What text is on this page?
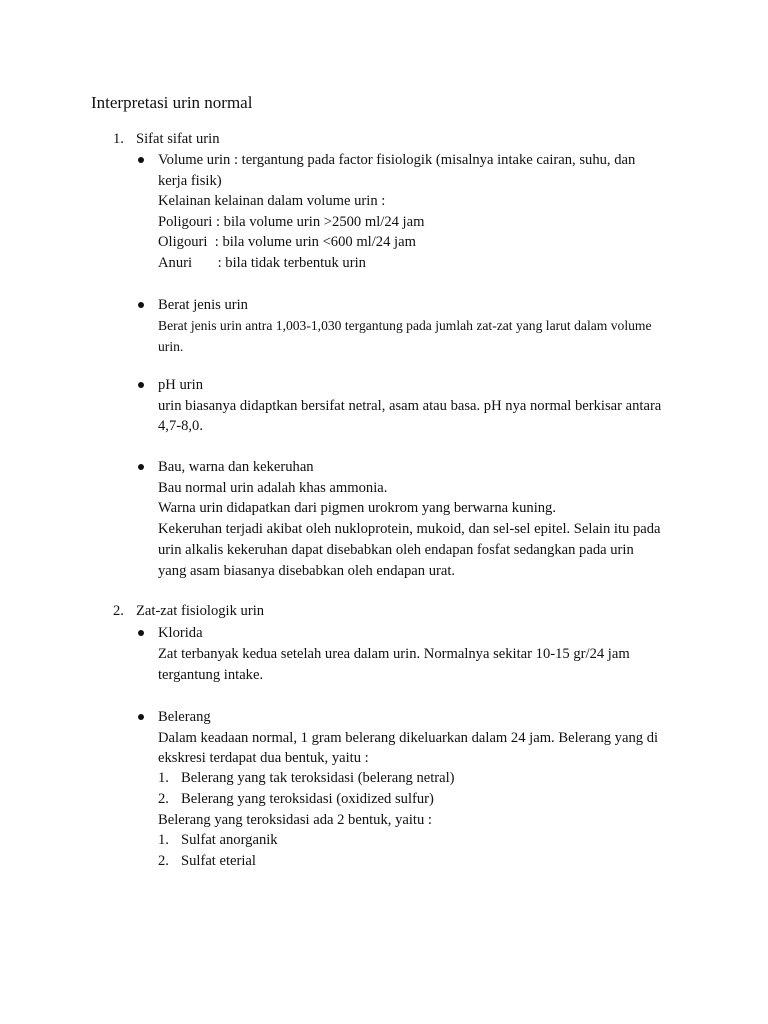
Interpretasi urin normal
1. Sifat sifat urin
Volume urin : tergantung pada factor fisiologik (misalnya intake cairan, suhu, dan
kerja fisik)
Kelainan kelainan dalam volume urin :
Poligouri : bila volume urin >2500 ml/24 jam
Oligouri  : bila volume urin <600 ml/24 jam
Anuri       : bila tidak terbentuk urin
Berat jenis urin
Berat jenis urin antra 1,003-1,030 tergantung pada jumlah zat-zat yang larut dalam volume
urin.
pH urin
urin biasanya didaptkan bersifat netral, asam atau basa. pH nya normal berkisar antara
4,7-8,0.
Bau, warna dan kekeruhan
Bau normal urin adalah khas ammonia.
Warna urin didapatkan dari pigmen urokrom yang berwarna kuning.
Kekeruhan terjadi akibat oleh nukloprotein, mukoid, dan sel-sel epitel. Selain itu pada
urin alkalis kekeruhan dapat disebabkan oleh endapan fosfat sedangkan pada urin
yang asam biasanya disebabkan oleh endapan urat.
2. Zat-zat fisiologik urin
Klorida
Zat terbanyak kedua setelah urea dalam urin. Normalnya sekitar 10-15 gr/24 jam
tergantung intake.
Belerang
Dalam keadaan normal, 1 gram belerang dikeluarkan dalam 24 jam. Belerang yang di
ekskresi terdapat dua bentuk, yaitu :
1. Belerang yang tak teroksidasi (belerang netral)
2. Belerang yang teroksidasi (oxidized sulfur)
Belerang yang teroksidasi ada 2 bentuk, yaitu :
1. Sulfat anorganik
2. Sulfat eterial
